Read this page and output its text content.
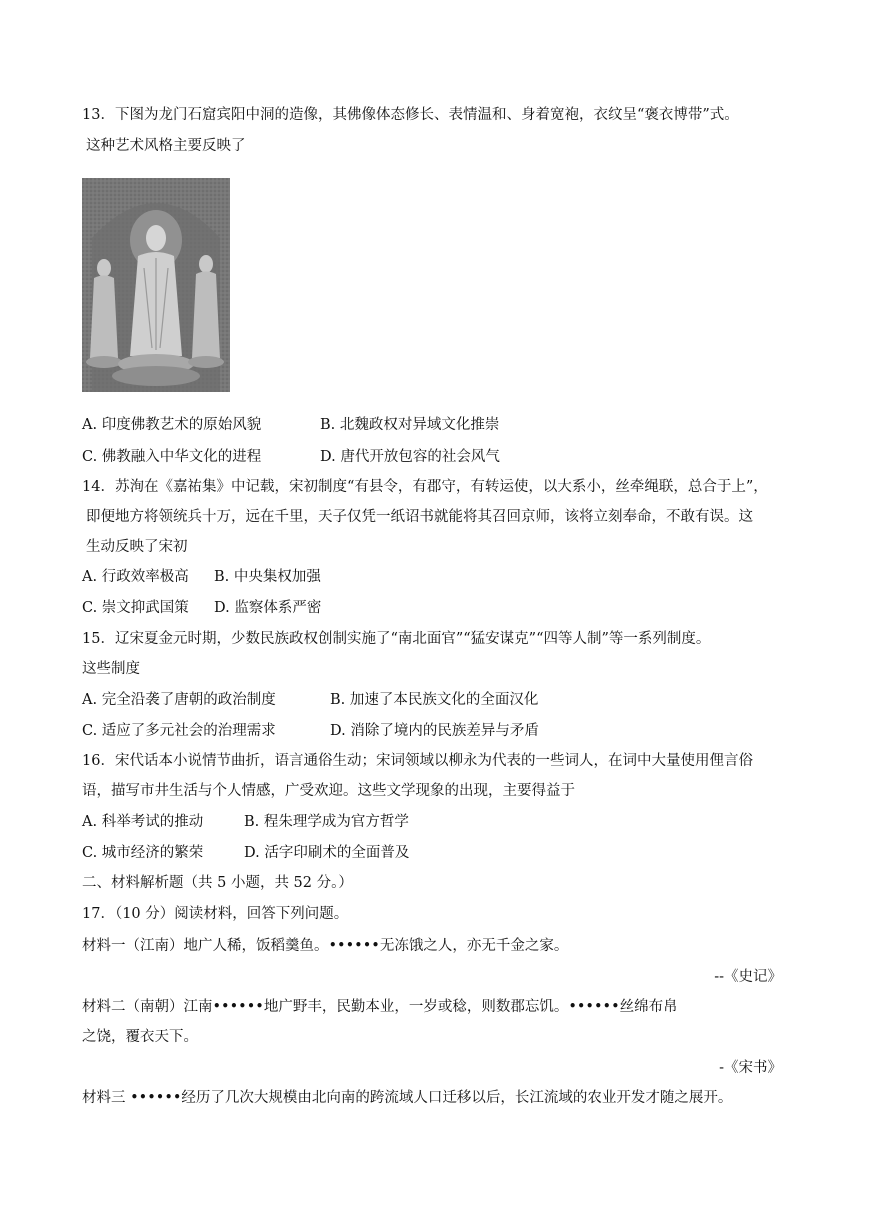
13．下图为龙门石窟宾阳中洞的造像，其佛像体态修长、表情温和、身着宽袍，衣纹呈“褒衣博带”式。
这种艺术风格主要反映了
A. 印度佛教艺术的原始风貌	B. 北魏政权对异域文化推崇
C. 佛教融入中华文化的进程	D. 唐代开放包容的社会风气
14．苏洵在《嘉祐集》中记载，宋初制度“有县令，有郡守，有转运使，以大系小，丝牵绳联，总合于上”，
即便地方将领统兵十万，远在千里，天子仅凭一纸诏书就能将其召回京师，该将立刻奉命，不敢有误。这
生动反映了宋初
A. 行政效率极高 B. 中央集权加强
C. 崇文抑武国策 D. 监察体系严密
15．辽宋夏金元时期，少数民族政权创制实施了“南北面官”“猛安谋克”“四等人制”等一系列制度。
这些制度
A. 完全沿袭了唐朝的政治制度	B. 加速了本民族文化的全面汉化
C. 适应了多元社会的治理需求	D. 消除了境内的民族差异与矛盾
16．宋代话本小说情节曲折，语言通俗生动；宋词领域以柳永为代表的一些词人，在词中大量使用俚言俗
语，描写市井生活与个人情感，广受欢迎。这些文学现象的出现，主要得益于
A. 科举考试的推动	B. 程朱理学成为官方哲学
C. 城市经济的繁荣	D. 活字印刷术的全面普及
二、材料解析题（共 5 小题，共 52 分。）
17．（10 分）阅读材料，回答下列问题。
材料一（江南）地广人稀，饭稻羹鱼。••••••无冻饿之人，亦无千金之家。
--《史记》
材料二（南朝）江南••••••地广野丰，民勤本业，一岁或稔，则数郡忘饥。••••••丝绵布帛
之饶，覆衣天下。
-《宋书》
材料三 ••••••经历了几次大规模由北向南的跨流域人口迁移以后，长江流域的农业开发才随之展开。
